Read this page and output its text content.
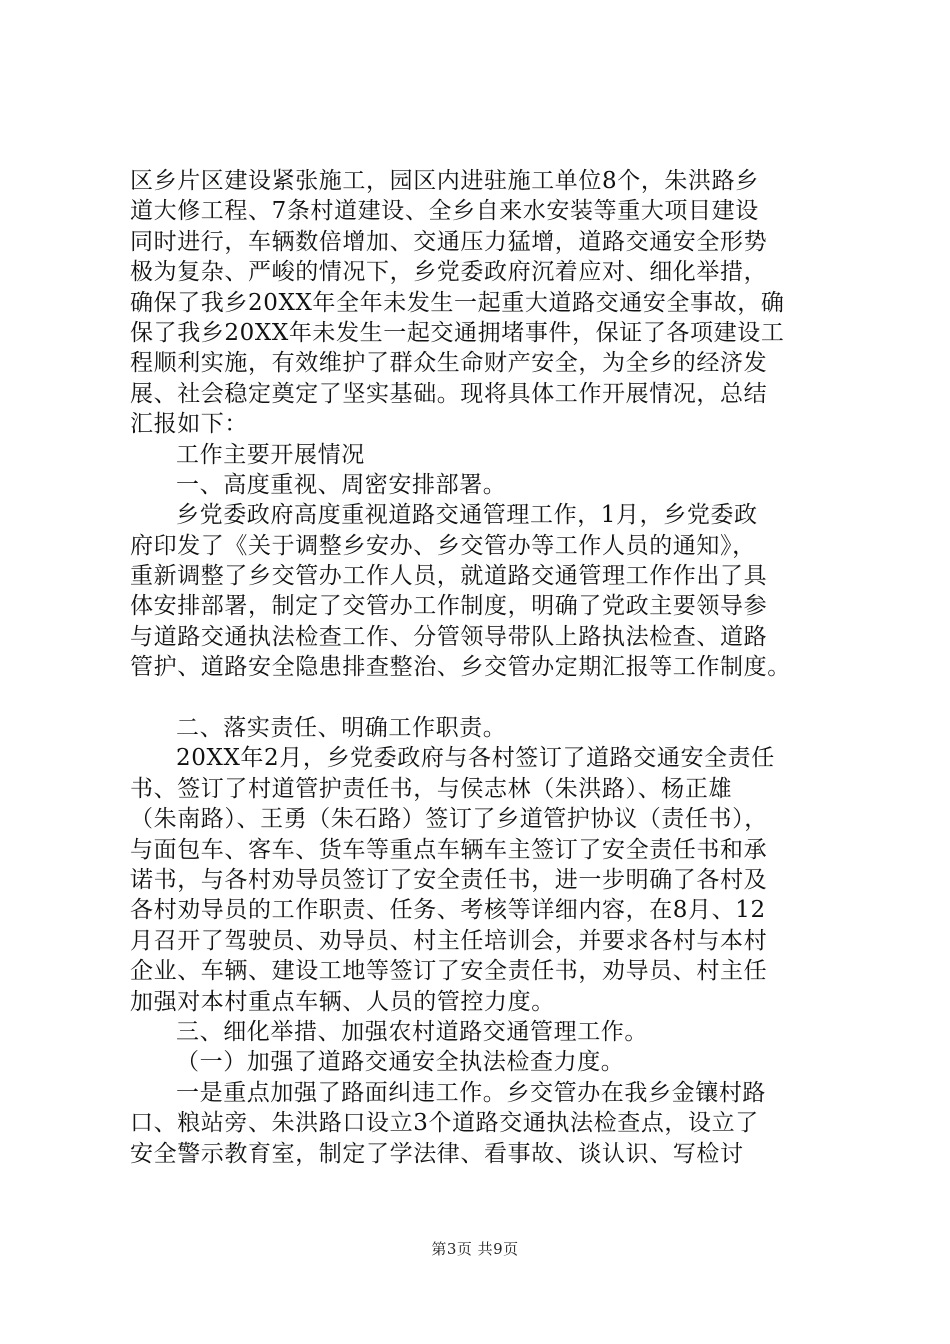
区乡片区建设紧张施工，园区内进驻施工单位8个，朱洪路乡
道大修工程、7条村道建设、全乡自来水安装等重大项目建设
同时进行，车辆数倍增加、交通压力猛增，道路交通安全形势
极为复杂、严峻的情况下，乡党委政府沉着应对、细化举措，
确保了我乡20XX年全年未发生一起重大道路交通安全事故，确
保了我乡20XX年未发生一起交通拥堵事件，保证了各项建设工
程顺利实施，有效维护了群众生命财产安全，为全乡的经济发
展、社会稳定奠定了坚实基础。现将具体工作开展情况，总结
汇报如下：
工作主要开展情况
一、高度重视、周密安排部署。
乡党委政府高度重视道路交通管理工作，1月，乡党委政
府印发了《关于调整乡安办、乡交管办等工作人员的通知》，
重新调整了乡交管办工作人员，就道路交通管理工作作出了具
体安排部署，制定了交管办工作制度，明确了党政主要领导参
与道路交通执法检查工作、分管领导带队上路执法检查、道路
管护、道路安全隐患排查整治、乡交管办定期汇报等工作制度。
二、落实责任、明确工作职责。
20XX年2月，乡党委政府与各村签订了道路交通安全责任
书、签订了村道管护责任书，与侯志林（朱洪路）、杨正雄
（朱南路）、王勇（朱石路）签订了乡道管护协议（责任书），
与面包车、客车、货车等重点车辆车主签订了安全责任书和承
诺书，与各村劝导员签订了安全责任书，进一步明确了各村及
各村劝导员的工作职责、任务、考核等详细内容，在8月、12
月召开了驾驶员、劝导员、村主任培训会，并要求各村与本村
企业、车辆、建设工地等签订了安全责任书，劝导员、村主任
加强对本村重点车辆、人员的管控力度。
三、细化举措、加强农村道路交通管理工作。
（一）加强了道路交通安全执法检查力度。
一是重点加强了路面纠违工作。乡交管办在我乡金镶村路
口、粮站旁、朱洪路口设立3个道路交通执法检查点，设立了
安全警示教育室，制定了学法律、看事故、谈认识、写检讨
第3页 共9页
